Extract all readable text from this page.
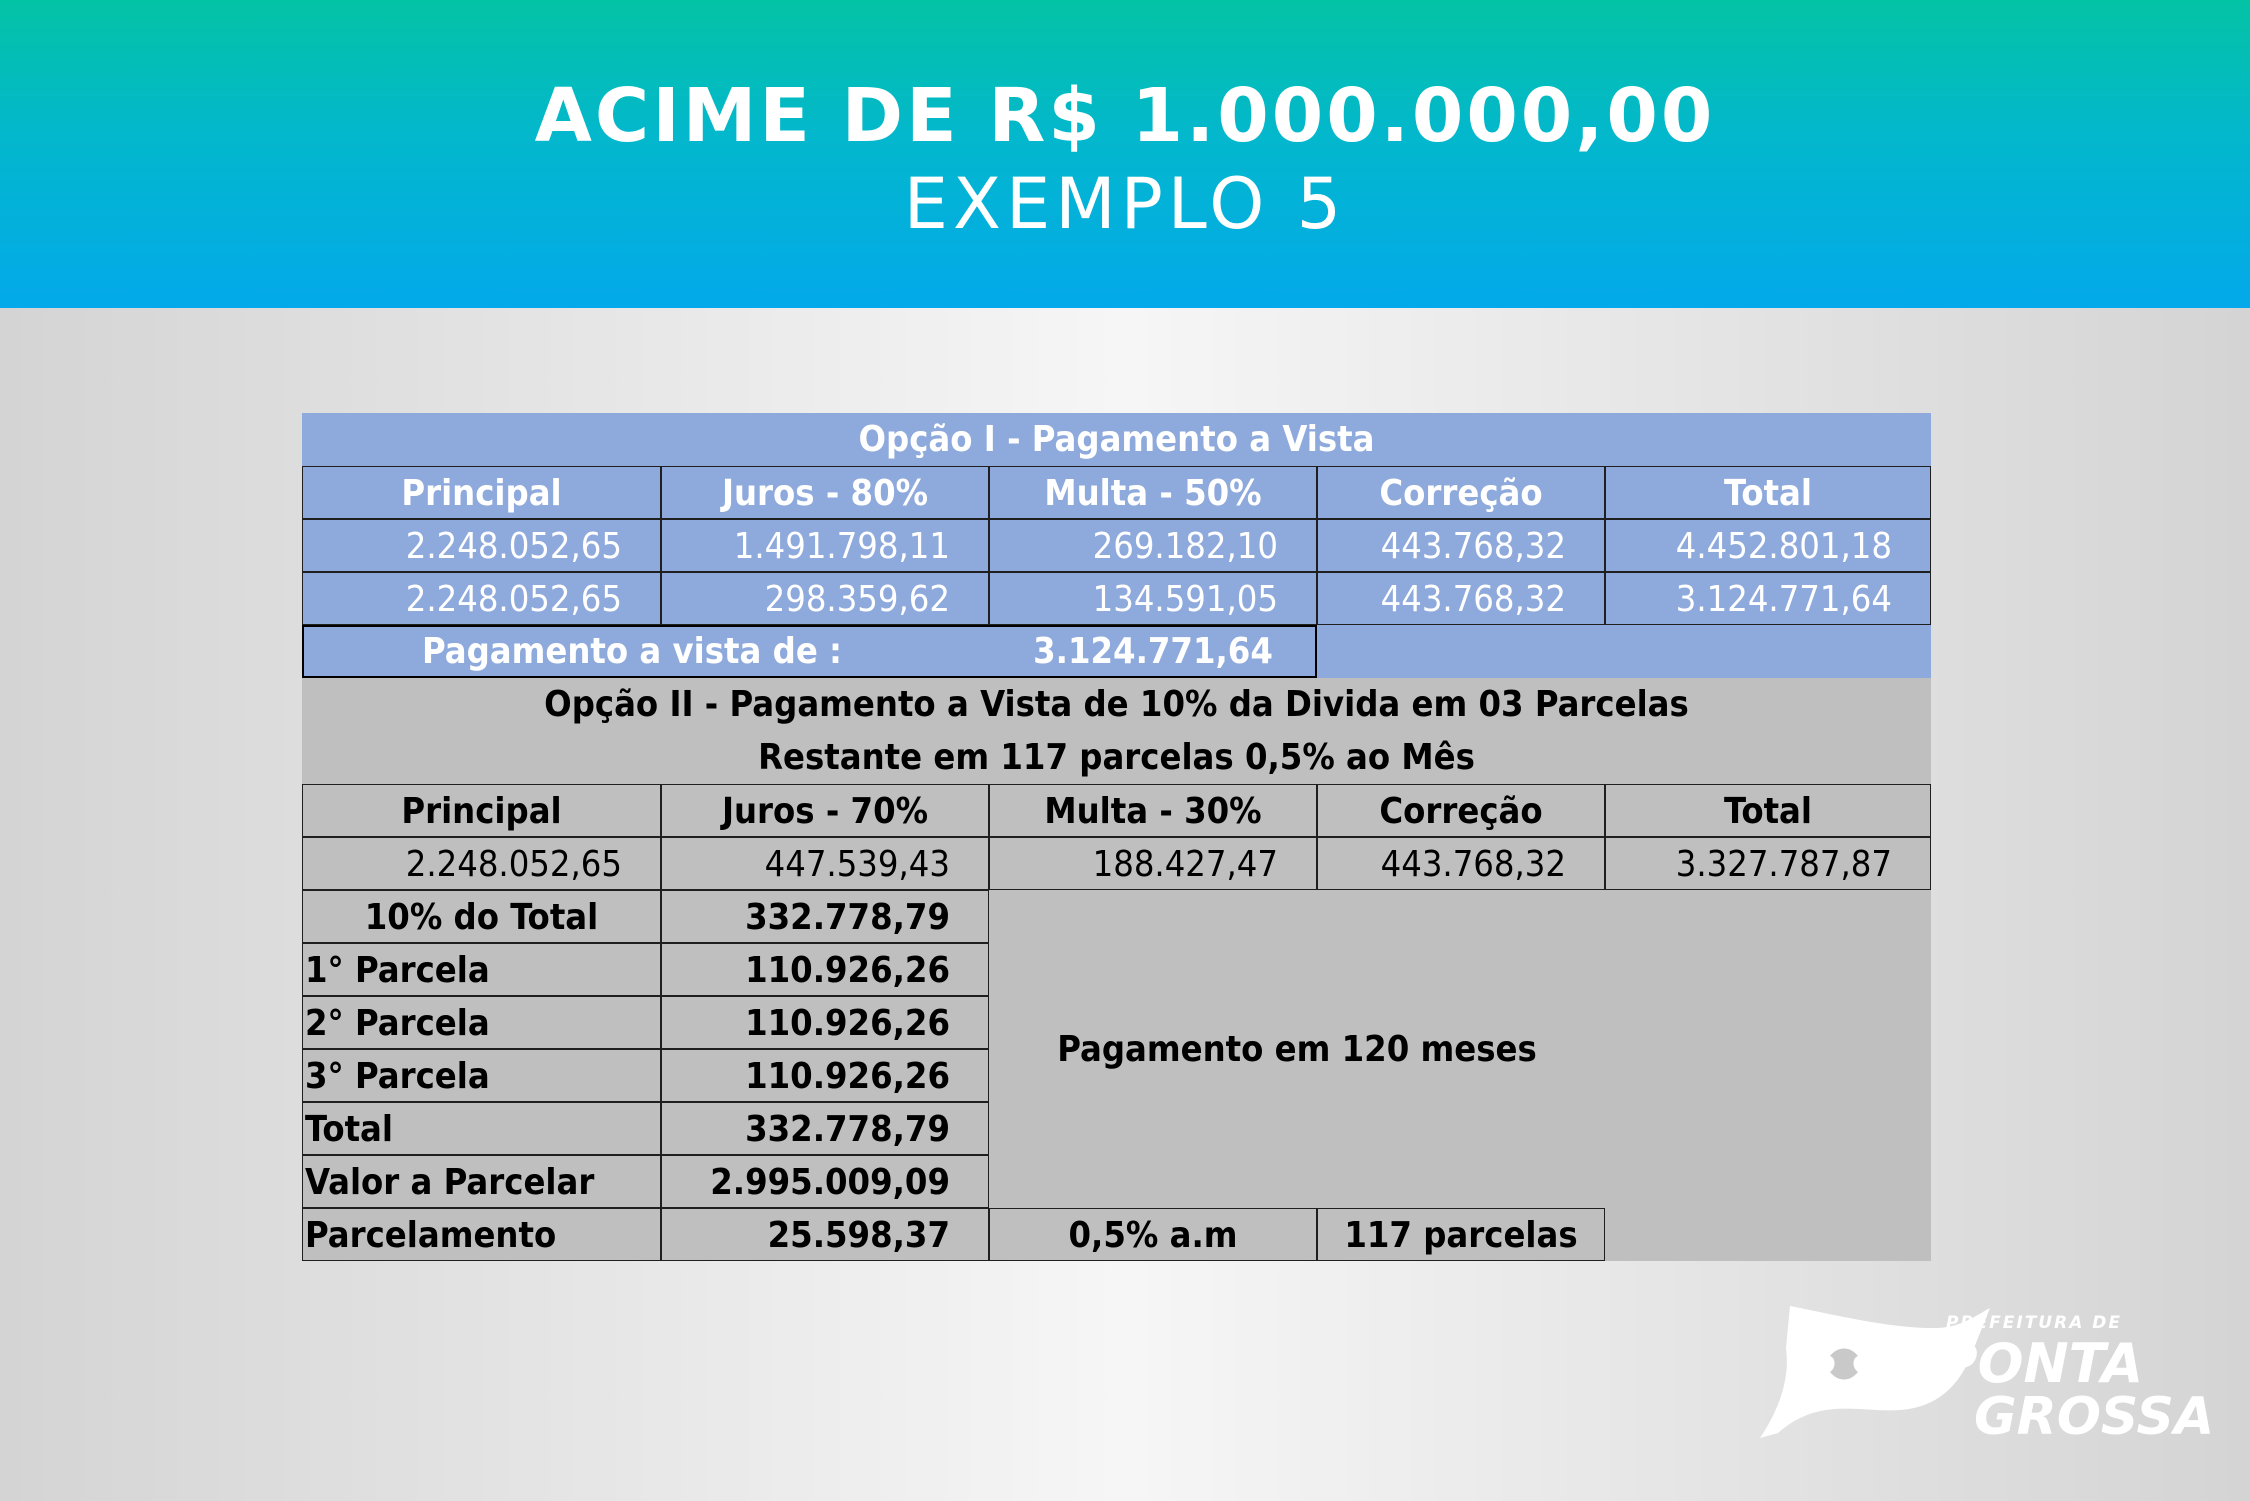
ACIME DE R$ 1.000.000,00
EXEMPLO 5
Opção I - Pagamento a Vista
Principal	Juros - 80%	Multa - 50%	Correção	Total
2.248.052,65	1.491.798,11	269.182,10	443.768,32	4.452.801,18
2.248.052,65	298.359,62	134.591,05	443.768,32	3.124.771,64
Pagamento a vista de :	3.124.771,64
Opção II - Pagamento a Vista de 10% da Divida em 03 Parcelas
Restante em 117 parcelas 0,5% ao Mês
Principal	Juros - 70%	Multa - 30%	Correção	Total
2.248.052,65	447.539,43	188.427,47	443.768,32	3.327.787,87
Pagamento em 120 meses
10% do Total	332.778,79
1° Parcela	110.926,26
2° Parcela	110.926,26
3° Parcela	110.926,26
Total	332.778,79
Valor a Parcelar	2.995.009,09
Parcelamento	25.598,37	0,5% a.m	117 parcelas
PREFEITURA DE
PONTA
GROSSA
